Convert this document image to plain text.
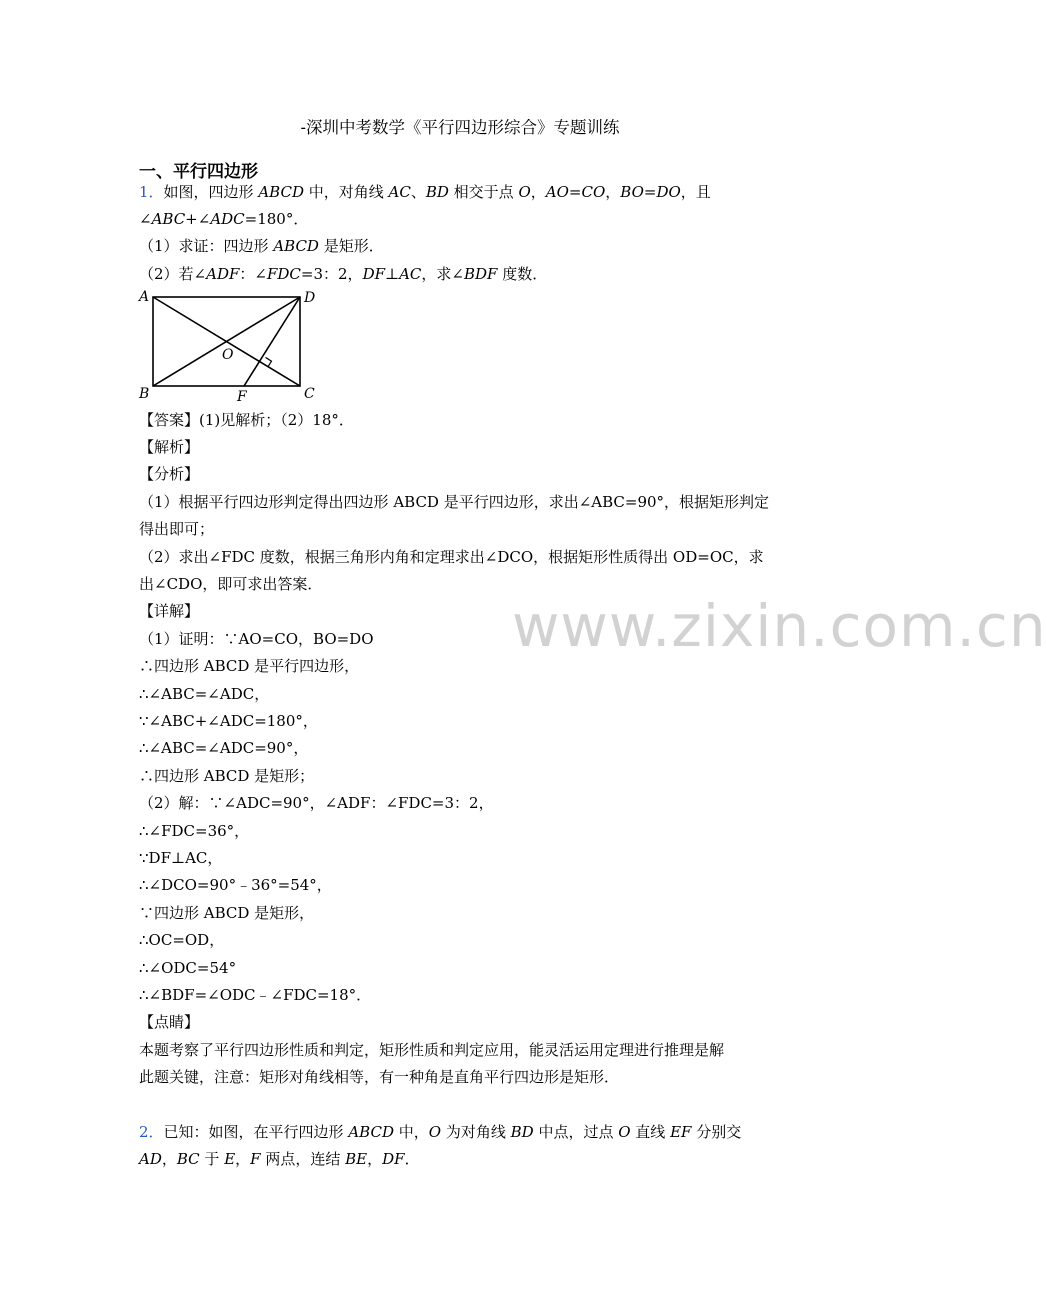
-深圳中考数学《平行四边形综合》专题训练
一、平行四边形
1．如图，四边形 ABCD 中，对角线 AC、BD 相交于点 O，AO=CO，BO=DO，且
∠ABC+∠ADC=180°．
（1）求证：四边形 ABCD 是矩形．
（2）若∠ADF：∠FDC=3：2，DF⊥AC，求∠BDF 度数．
A	D
B	C
O
F
【答案】(1)见解析；（2）18°．
【解析】
【分析】
（1）根据平行四边形判定得出四边形 ABCD 是平行四边形，求出∠ABC=90°，根据矩形判定
得出即可；
（2）求出∠FDC 度数，根据三角形内角和定理求出∠DCO，根据矩形性质得出 OD=OC，求
出∠CDO，即可求出答案．
【详解】
（1）证明：∵AO=CO，BO=DO
∴四边形 ABCD 是平行四边形，
∴∠ABC=∠ADC，
∵∠ABC+∠ADC=180°，
∴∠ABC=∠ADC=90°，
∴四边形 ABCD 是矩形；
（2）解：∵∠ADC=90°，∠ADF：∠FDC=3：2，
∴∠FDC=36°，
∵DF⊥AC，
∴∠DCO=90°﹣36°=54°，
∵四边形 ABCD 是矩形，
∴OC=OD，
∴∠ODC=54°
∴∠BDF=∠ODC﹣∠FDC=18°．
【点睛】
本题考察了平行四边形性质和判定，矩形性质和判定应用，能灵活运用定理进行推理是解
此题关键，注意：矩形对角线相等，有一种角是直角平行四边形是矩形．
2．已知：如图，在平行四边形 ABCD 中，O 为对角线 BD 中点，过点 O 直线 EF 分别交
AD，BC 于 E，F 两点，连结 BE，DF．
www.zixin.com.cn
